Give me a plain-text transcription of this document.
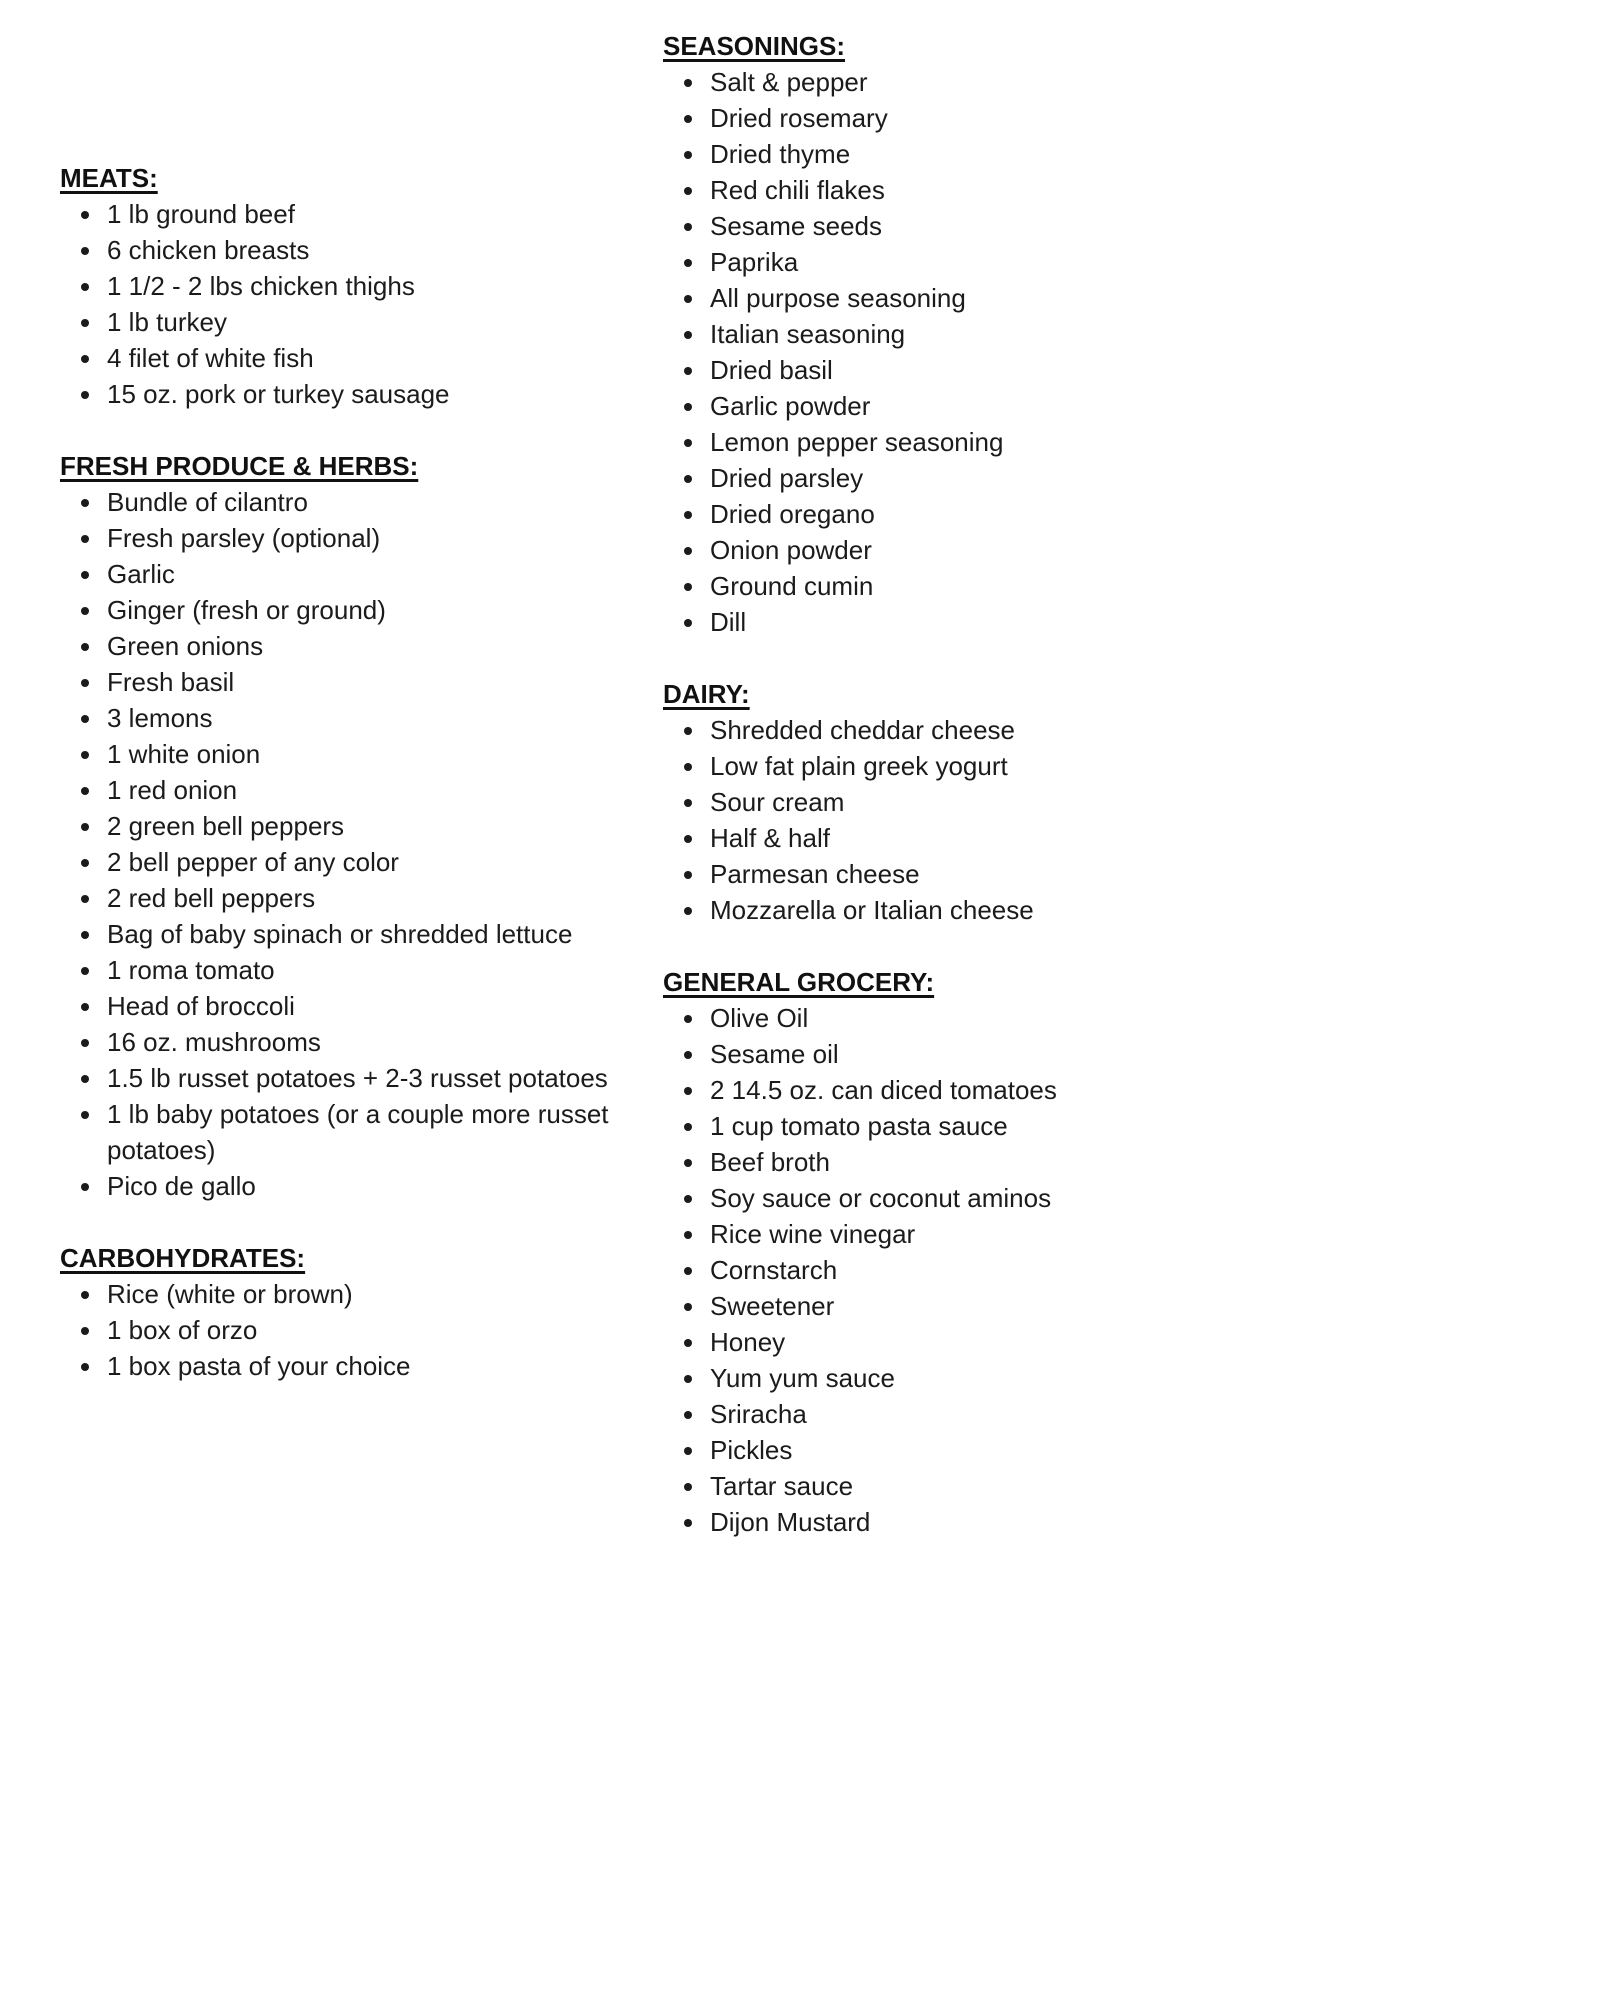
MEATS:
• 1 lb ground beef
• 6 chicken breasts
• 1 1/2 - 2 lbs chicken thighs
• 1 lb turkey
• 4 filet of white fish
• 15 oz. pork or turkey sausage
FRESH PRODUCE & HERBS:
• Bundle of cilantro
• Fresh parsley (optional)
• Garlic
• Ginger (fresh or ground)
• Green onions
• Fresh basil
• 3 lemons
• 1 white onion
• 1 red onion
• 2 green bell peppers
• 2 bell pepper of any color
• 2 red bell peppers
• Bag of baby spinach or shredded lettuce
• 1 roma tomato
• Head of broccoli
• 16 oz. mushrooms
• 1.5 lb russet potatoes + 2-3 russet potatoes
• 1 lb baby potatoes (or a couple more russet potatoes)
• Pico de gallo
CARBOHYDRATES:
• Rice (white or brown)
• 1 box of orzo
• 1 box pasta of your choice
SEASONINGS:
• Salt & pepper
• Dried rosemary
• Dried thyme
• Red chili flakes
• Sesame seeds
• Paprika
• All purpose seasoning
• Italian seasoning
• Dried basil
• Garlic powder
• Lemon pepper seasoning
• Dried parsley
• Dried oregano
• Onion powder
• Ground cumin
• Dill
DAIRY:
• Shredded cheddar cheese
• Low fat plain greek yogurt
• Sour cream
• Half & half
• Parmesan cheese
• Mozzarella or Italian cheese
GENERAL GROCERY:
• Olive Oil
• Sesame oil
• 2 14.5 oz. can diced tomatoes
• 1 cup tomato pasta sauce
• Beef broth
• Soy sauce or coconut aminos
• Rice wine vinegar
• Cornstarch
• Sweetener
• Honey
• Yum yum sauce
• Sriracha
• Pickles
• Tartar sauce
• Dijon Mustard
